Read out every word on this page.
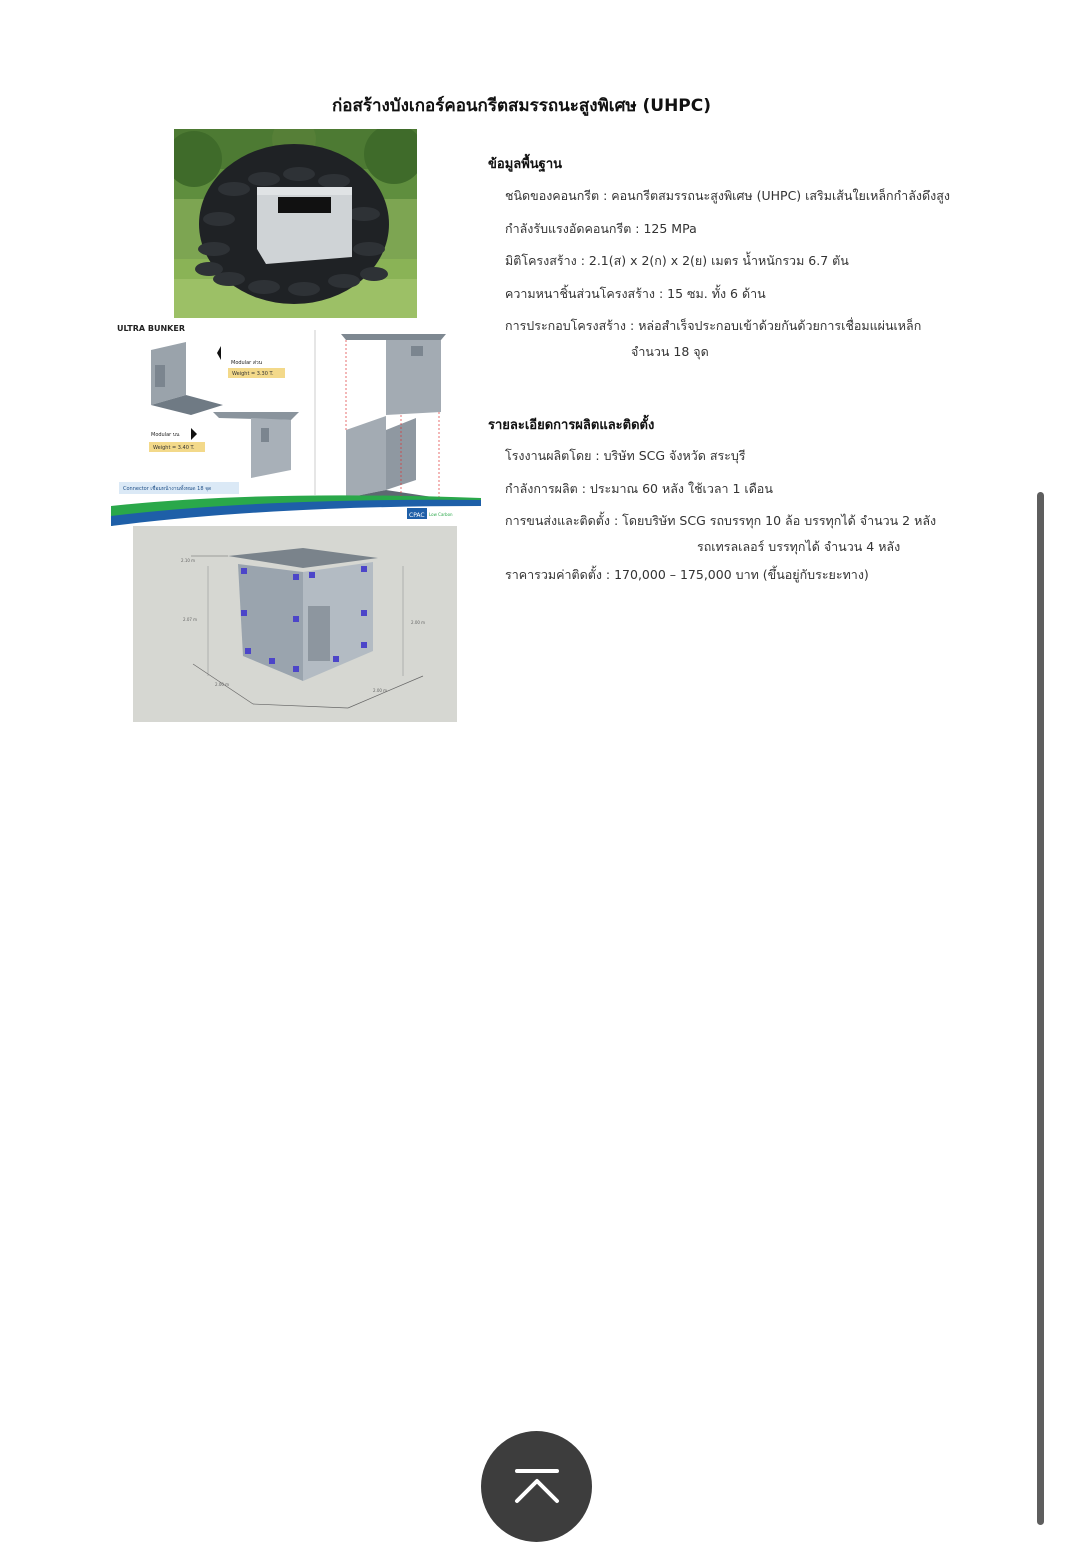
ก่อสร้างบังเกอร์คอนกรีตสมรรถนะสูงพิเศษ (UHPC)
ULTRA BUNKER
Modular ส่วน
Weight = 3.30 T.
Modular บน
Weight = 3.40 T.
Connector เชื่อมหน้างานทั้งหมด 18 จุด
CPAC Low Carbon
2.10 m
2.07 m
2.00 m
2.00 m
2.00 m
ข้อมูลพื้นฐาน
ชนิดของคอนกรีต : คอนกรีตสมรรถนะสูงพิเศษ (UHPC) เสริมเส้นใยเหล็กกำลังดึงสูง
กำลังรับแรงอัดคอนกรีต : 125 MPa
มิติโครงสร้าง : 2.1(ส) x 2(ก) x 2(ย) เมตร น้ำหนักรวม 6.7 ตัน
ความหนาชิ้นส่วนโครงสร้าง : 15 ซม. ทั้ง 6 ด้าน
การประกอบโครงสร้าง : หล่อสำเร็จประกอบเข้าด้วยกันด้วยการเชื่อมแผ่นเหล็ก
จำนวน 18 จุด
รายละเอียดการผลิตและติดตั้ง
โรงงานผลิตโดย : บริษัท SCG จังหวัด สระบุรี
กำลังการผลิต : ประมาณ 60 หลัง ใช้เวลา 1 เดือน
การขนส่งและติดตั้ง : โดยบริษัท SCG รถบรรทุก 10 ล้อ บรรทุกได้ จำนวน 2 หลัง
รถเทรลเลอร์ บรรทุกได้ จำนวน 4 หลัง
ราคารวมค่าติดตั้ง : 170,000 – 175,000 บาท (ขึ้นอยู่กับระยะทาง)
